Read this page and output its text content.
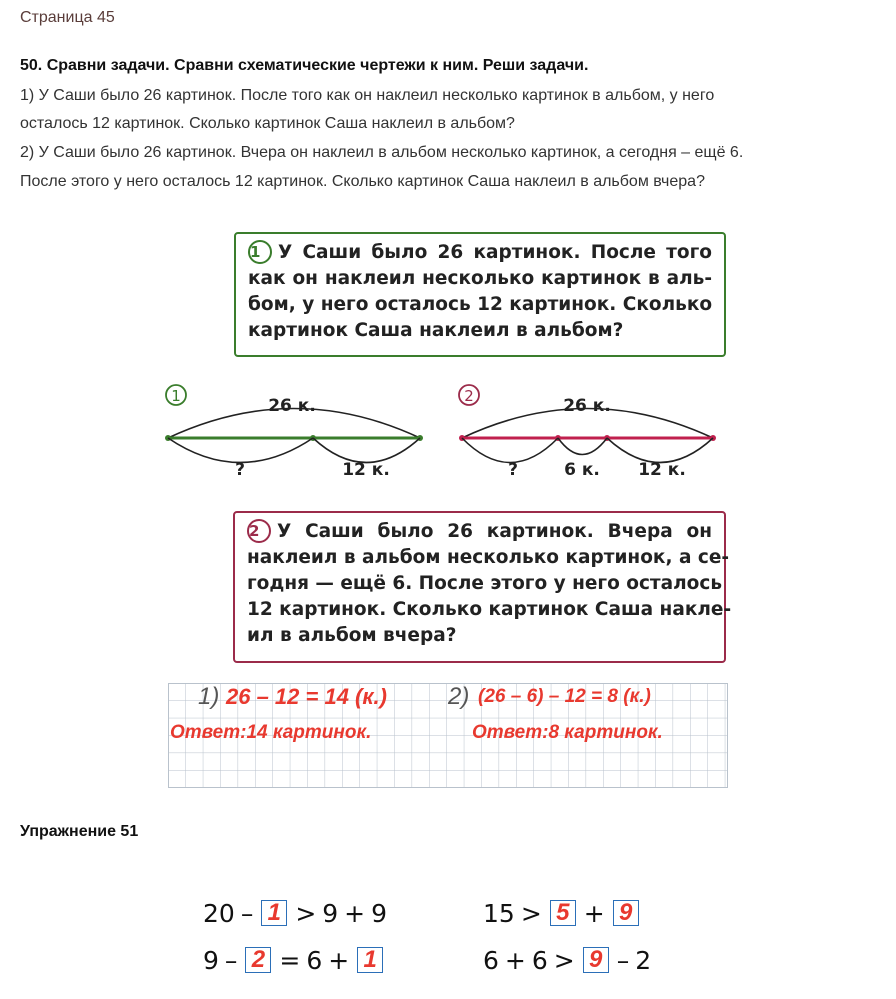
Страница 45
50. Сравни задачи. Сравни схематические чертежи к ним. Реши задачи.
1) У Саши было 26 картинок. После того как он наклеил несколько картинок в альбом, у него
осталось 12 картинок. Сколько картинок Саша наклеил в альбом?
2) У Саши было 26 картинок. Вчера он наклеил в альбом несколько картинок, а сегодня – ещё 6.
После этого у него осталось 12 картинок. Сколько картинок Саша наклеил в альбом вчера?
1 У Саши было 26 картинок. После того
как он наклеил несколько картинок в аль-
бом, у него осталось 12 картинок. Сколько
картинок Саша наклеил в альбом?
1	26 к.
?	12 к.
2	26 к.
?	6 к. 12 к.
2 У Саши было 26 картинок. Вчера он
наклеил в альбом несколько картинок, а се-
годня — ещё 6. После этого у него осталось
12 картинок. Сколько картинок Саша накле-
ил в альбом вчера?
1) 26 – 12 = 14 (к.)	2) (26 – 6) – 12 = 8 (к.)
Ответ:14 картинок.	Ответ:8 картинок.
Упражнение 51
20 – 1 > 9 + 9	15 > 5 + 9
9 – 2 = 6 + 1	6 + 6 > 9 – 2
